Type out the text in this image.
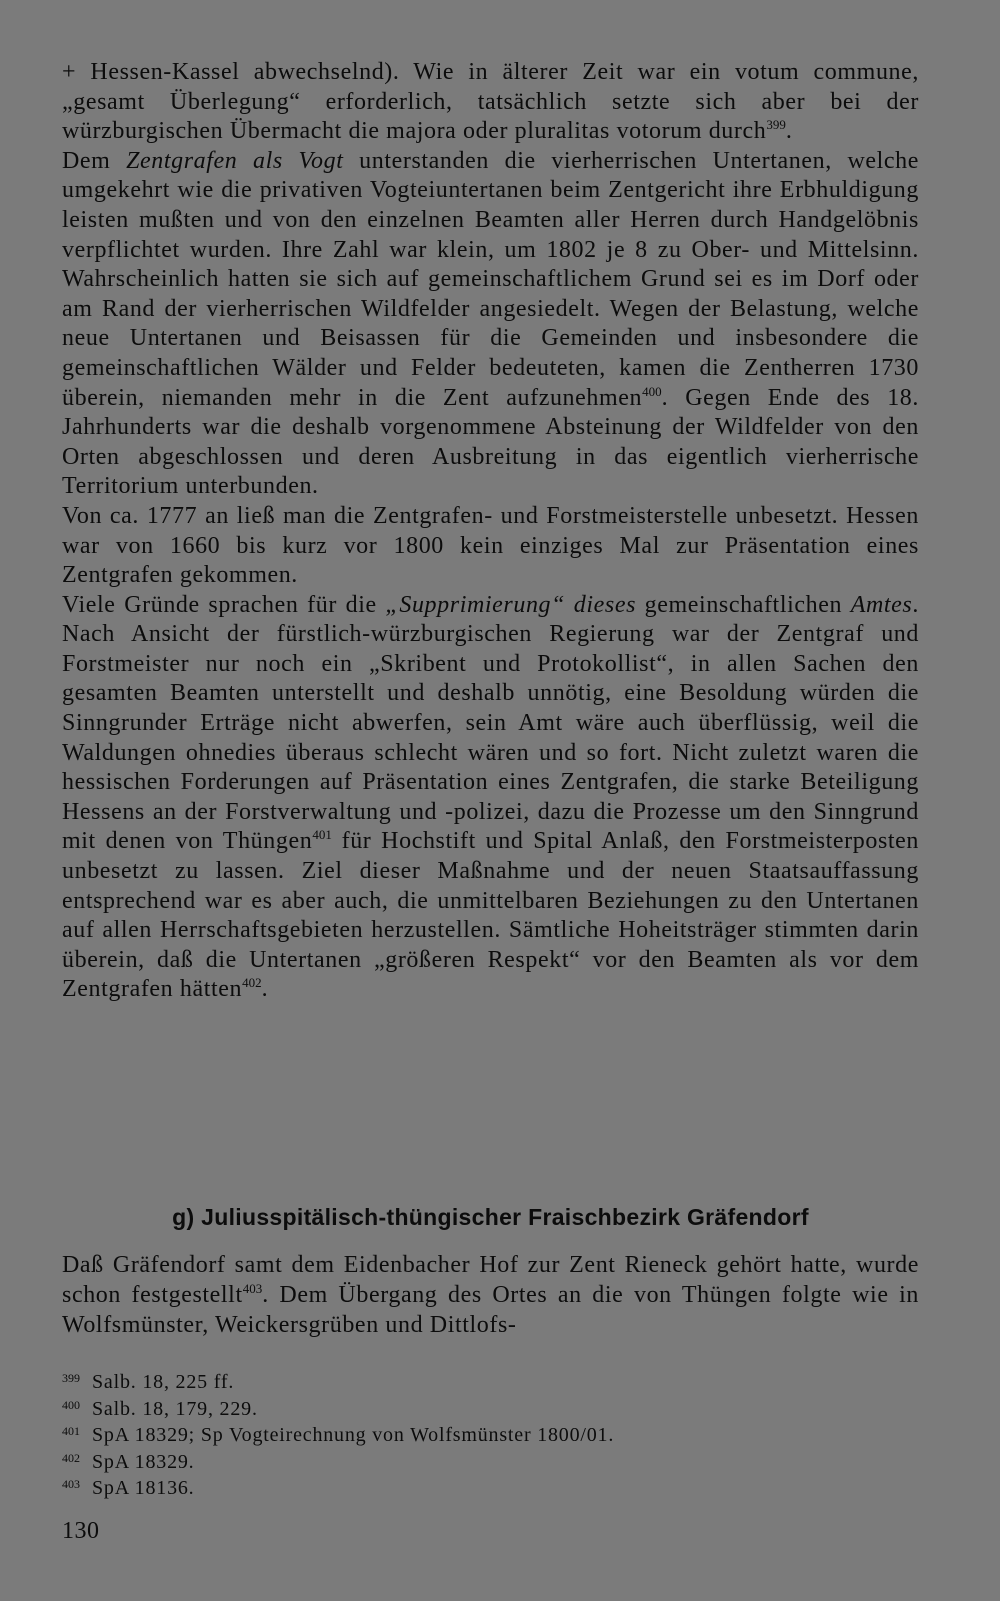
+ Hessen-Kassel abwechselnd). Wie in älterer Zeit war ein votum commune, „gesamt Überlegung“ erforderlich, tatsächlich setzte sich aber bei der würzburgischen Übermacht die majora oder pluralitas votorum durch$^{399}$.

Dem Zentgrafen als Vogt unterstanden die vierherrischen Untertanen, welche umgekehrt wie die privativen Vogteiuntertanen beim Zentgericht ihre Erbhuldigung leisten mußten und von den einzelnen Beamten aller Herren durch Handgelöbnis verpflichtet wurden. Ihre Zahl war klein, um 1802 je 8 zu Ober- und Mittelsinn. Wahrscheinlich hatten sie sich auf gemeinschaftlichem Grund sei es im Dorf oder am Rand der vierherrischen Wildfelder angesiedelt. Wegen der Belastung, welche neue Untertanen und Beisassen für die Gemeinden und insbesondere die gemeinschaftlichen Wälder und Felder bedeuteten, kamen die Zentherren 1730 überein, niemanden mehr in die Zent aufzunehmen$^{400}$. Gegen Ende des 18. Jahrhunderts war die deshalb vorgenommene Absteinung der Wildfelder von den Orten abgeschlossen und deren Ausbreitung in das eigentlich vierherrische Territorium unterbunden.

Von ca. 1777 an ließ man die Zentgrafen- und Forstmeisterstelle unbesetzt. Hessen war von 1660 bis kurz vor 1800 kein einziges Mal zur Präsentation eines Zentgrafen gekommen.

Viele Gründe sprachen für die „Supprimierung“ dieses gemeinschaftlichen Amtes. Nach Ansicht der fürstlich-würzburgischen Regierung war der Zentgraf und Forstmeister nur noch ein „Skribent und Protokollist“, in allen Sachen den gesamten Beamten unterstellt und deshalb unnötig, eine Besoldung würden die Sinngrunder Erträge nicht abwerfen, sein Amt wäre auch überflüssig, weil die Waldungen ohnedies überaus schlecht wären und so fort. Nicht zuletzt waren die hessischen Forderungen auf Präsentation eines Zentgrafen, die starke Beteiligung Hessens an der Forstverwaltung und -polizei, dazu die Prozesse um den Sinngrund mit denen von Thüngen$^{401}$ für Hochstift und Spital Anlaß, den Forstmeisterposten unbesetzt zu lassen. Ziel dieser Maßnahme und der neuen Staatsauffassung entsprechend war es aber auch, die unmittelbaren Beziehungen zu den Untertanen auf allen Herrschaftsgebieten herzustellen. Sämtliche Hoheitsträger stimmten darin überein, daß die Untertanen „größeren Respekt“ vor den Beamten als vor dem Zentgrafen hätten$^{402}$.

g) Juliusspitälisch-thüngischer Fraischbezirk Gräfendorf
Daß Gräfendorf samt dem Eidenbacher Hof zur Zent Rieneck gehört hatte, wurde schon festgestellt$^{403}$. Dem Übergang des Ortes an die von Thüngen folgte wie in Wolfsmünster, Weickersgrüben und Dittlofs-
399 Salb. 18, 225 ff.
400 Salb. 18, 179, 229.
401 SpA 18329; Sp Vogteirechnung von Wolfsmünster 1800/01.
402 SpA 18329.
403 SpA 18136.
130
